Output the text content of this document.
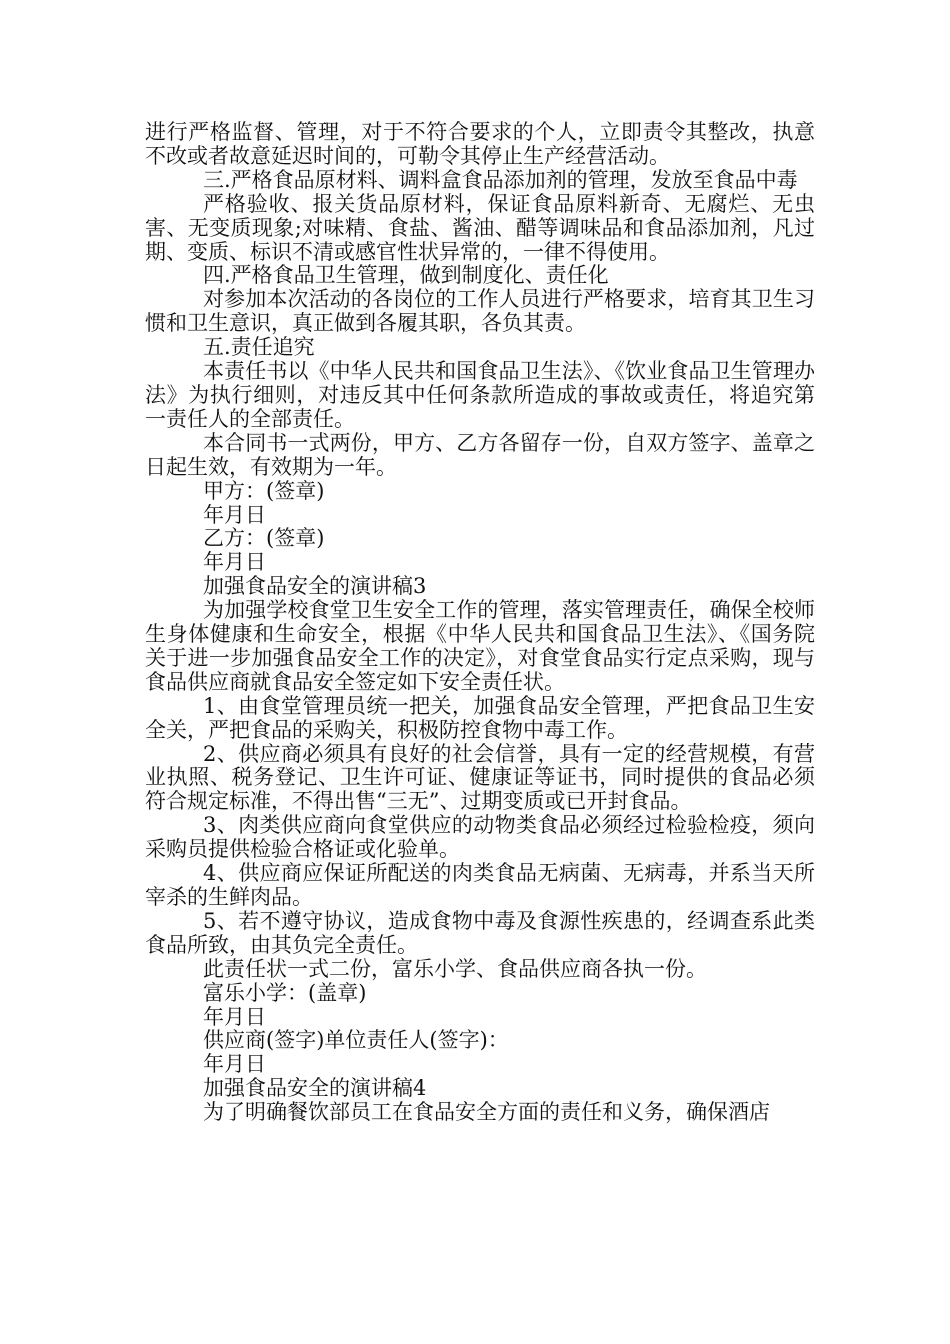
进行严格监督、管理，对于不符合要求的个人，立即责令其整改，执意不改或者故意延迟时间的，可勒令其停止生产经营活动。

三.严格食品原材料、调料盒食品添加剂的管理，发放至食品中毒

严格验收、报关货品原材料，保证食品原料新奇、无腐烂、无虫害、无变质现象;对味精、食盐、酱油、醋等调味品和食品添加剂，凡过期、变质、标识不清或感官性状异常的，一律不得使用。

四.严格食品卫生管理，做到制度化、责任化

对参加本次活动的各岗位的工作人员进行严格要求，培育其卫生习惯和卫生意识，真正做到各履其职，各负其责。

五.责任追究

本责任书以《中华人民共和国食品卫生法》、《饮业食品卫生管理办法》为执行细则，对违反其中任何条款所造成的事故或责任，将追究第一责任人的全部责任。

本合同书一式两份，甲方、乙方各留存一份，自双方签字、盖章之日起生效，有效期为一年。

甲方：(签章)

年月日

乙方：(签章)

年月日

加强食品安全的演讲稿3

为加强学校食堂卫生安全工作的管理，落实管理责任，确保全校师生身体健康和生命安全，根据《中华人民共和国食品卫生法》、《国务院关于进一步加强食品安全工作的决定》，对食堂食品实行定点采购，现与食品供应商就食品安全签定如下安全责任状。

1、由食堂管理员统一把关，加强食品安全管理，严把食品卫生安全关，严把食品的采购关，积极防控食物中毒工作。

2、供应商必须具有良好的社会信誉，具有一定的经营规模，有营业执照、税务登记、卫生许可证、健康证等证书，同时提供的食品必须符合规定标准，不得出售“三无”、过期变质或已开封食品。

3、肉类供应商向食堂供应的动物类食品必须经过检验检疫，须向采购员提供检验合格证或化验单。

4、供应商应保证所配送的肉类食品无病菌、无病毒，并系当天所宰杀的生鲜肉品。

5、若不遵守协议，造成食物中毒及食源性疾患的，经调查系此类食品所致，由其负完全责任。

此责任状一式二份，富乐小学、食品供应商各执一份。

富乐小学：(盖章)

年月日

供应商(签字)单位责任人(签字)：

年月日

加强食品安全的演讲稿4

为了明确餐饮部员工在食品安全方面的责任和义务，确保酒店
